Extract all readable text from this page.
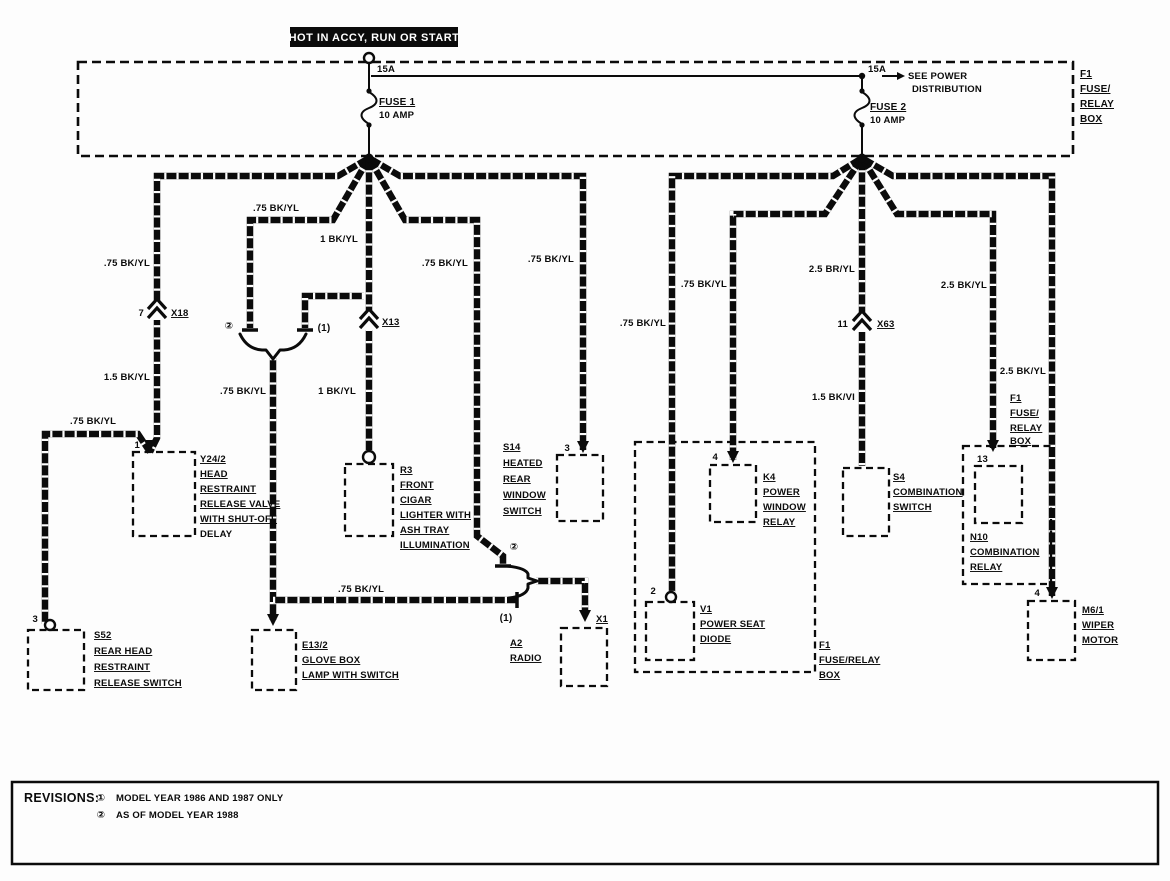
HOT IN ACCY, RUN OR START
15A
FUSE 1
10 AMP
15A
SEE POWER
DISTRIBUTION
FUSE 2
10 AMP
F1
FUSE/
RELAY
BOX
.75 BK/YL
7	X18
1.5 BK/YL
.75 BK/YL
.75 BK/YL
.75 BK/YL
1 BK/YL
X13
1 BK/YL
.75 BK/YL	.75 BK/YL
.75 BK/YL
.75 BK/YL
.75 BK/YL
2.5 BR/YL
11	X63
1.5 BK/VI
2.5 BK/YL
2.5 BK/YL
②	(1)
②
(1)
1
Y24/2
HEAD
RESTRAINT
RELEASE VALVE
WITH SHUT-OFF
DELAY
3
S52
REAR HEAD
RESTRAINT
RELEASE SWITCH
R3
FRONT
CIGAR
LIGHTER WITH
ASH TRAY
ILLUMINATION
E13/2
GLOVE BOX
LAMP WITH SWITCH
3
S14
HEATED
REAR
WINDOW
SWITCH
X1
A2
RADIO
4
K4
POWER
WINDOW
RELAY
2
V1
POWER SEAT
DIODE
F1
FUSE/RELAY
BOX
S4
COMBINATION
SWITCH
F1
FUSE/
RELAY
BOX
13
N10
COMBINATION
RELAY
4
M6/1
WIPER
MOTOR
REVISIONS:
① MODEL YEAR 1986 AND 1987 ONLY
② AS OF MODEL YEAR 1988
